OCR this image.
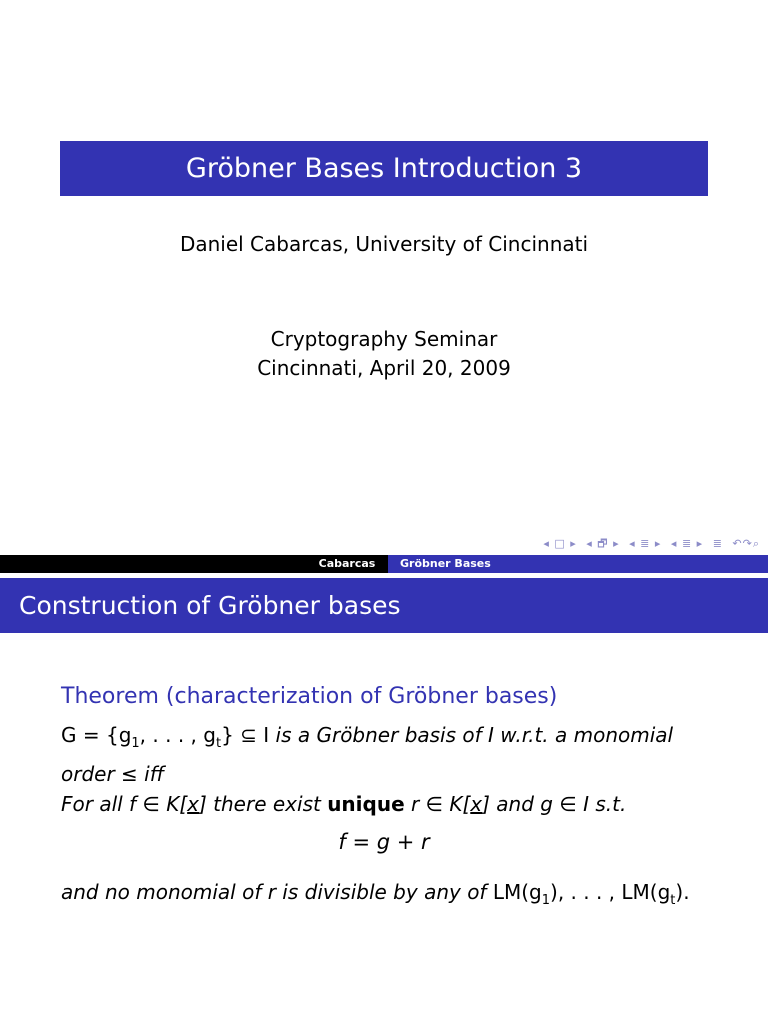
Gröbner Bases Introduction 3
Daniel Cabarcas, University of Cincinnati
Cryptography Seminar
Cincinnati, April 20, 2009
◂ □ ▸ ◂ 🗗 ▸ ◂ ≣ ▸ ◂ ≣ ▸ ≣ ↶↷⌕
Cabarcas	Gröbner Bases
Construction of Gröbner bases
Theorem (characterization of Gröbner bases)
$G = \{g_1$, . . . , $g_t$} ⊆ I is a Gröbner basis of I w.r.t. a monomial
order ≤ iff
For all f ∈ K[x] there exist unique r ∈ K[x] and g ∈ I s.t.
f = g + r
and no monomial of r is divisible by any of $LM(g_1)$, . . . , $LM(g_t)$.
